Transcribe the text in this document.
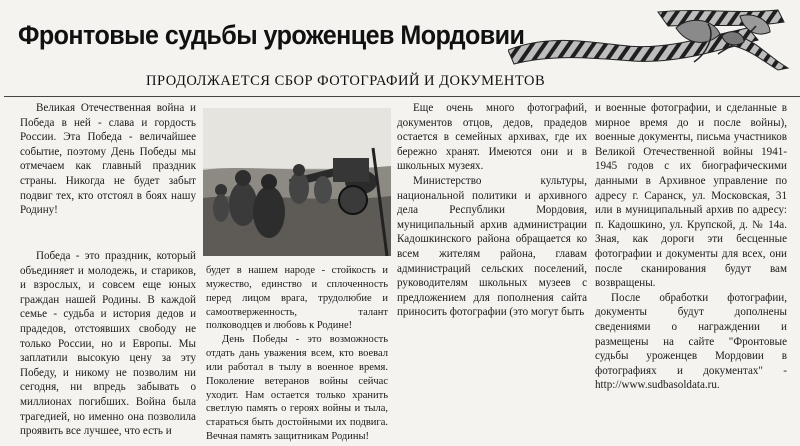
Фронтовые судьбы уроженцев Мордовии
ПРОДОЛЖАЕТСЯ СБОР ФОТОГРАФИЙ И ДОКУМЕНТОВ

Великая Отечественная война и Победа в ней - слава и гордость России. Эта Победа - величайшее событие, поэтому День Победы мы отмечаем как главный праздник страны. Никогда не будет забыт подвиг тех, кто отстоял в боях нашу Родину!

Победа - это праздник, который объединяет и молодежь, и стариков, и взрослых, и совсем еще юных граждан нашей Родины. В каждой семье - судьба и история дедов и прадедов, отстоявших свободу не только России, но и Европы. Мы заплатили высокую цену за эту Победу, и никому не позволим ни сегодня, ни впредь забывать о миллионах погибших. Война была трагедией, но именно она позволила проявить все лучшее, что есть и

будет в нашем народе - стойкость и мужество, единство и сплоченность перед лицом врага, трудолюбие и самоотверженность, талант полководцев и любовь к Родине!

День Победы - это возможность отдать дань уважения всем, кто воевал или работал в тылу в военное время. Поколение ветеранов войны сейчас уходит. Нам остается только хранить светлую память о героях войны и тыла, стараться быть достойными их подвига. Вечная память защитникам Родины!

Еще очень много фотографий, документов отцов, дедов, прадедов остается в семейных архивах, где их бережно хранят. Имеются они и в школьных музеях.

Министерство культуры, национальной политики и архивного дела Республики Мордовия, муниципальный архив администрации Кадошкинского района обращается ко всем жителям района, главам администраций сельских поселений, руководителям школьных музеев с предложением для пополнения сайта приносить фотографии (это могут быть

и военные фотографии, и сделанные в мирное время до и после войны), военные документы, письма участников Великой Отечественной войны 1941-1945 годов с их биографическими данными в Архивное управление по адресу г. Саранск, ул. Московская, 31 или в муниципальный архив по адресу: п. Кадошкино, ул. Крупской, д. № 14а. Зная, как дороги эти бесценные фотографии и документы для всех, они после сканирования будут вам возвращены.

После обработки фотографии, документы будут дополнены сведениями о награждении и размещены на сайте "Фронтовые судьбы уроженцев Мордовии в фотографиях и документах" - http://www.sudbasoldata.ru.
